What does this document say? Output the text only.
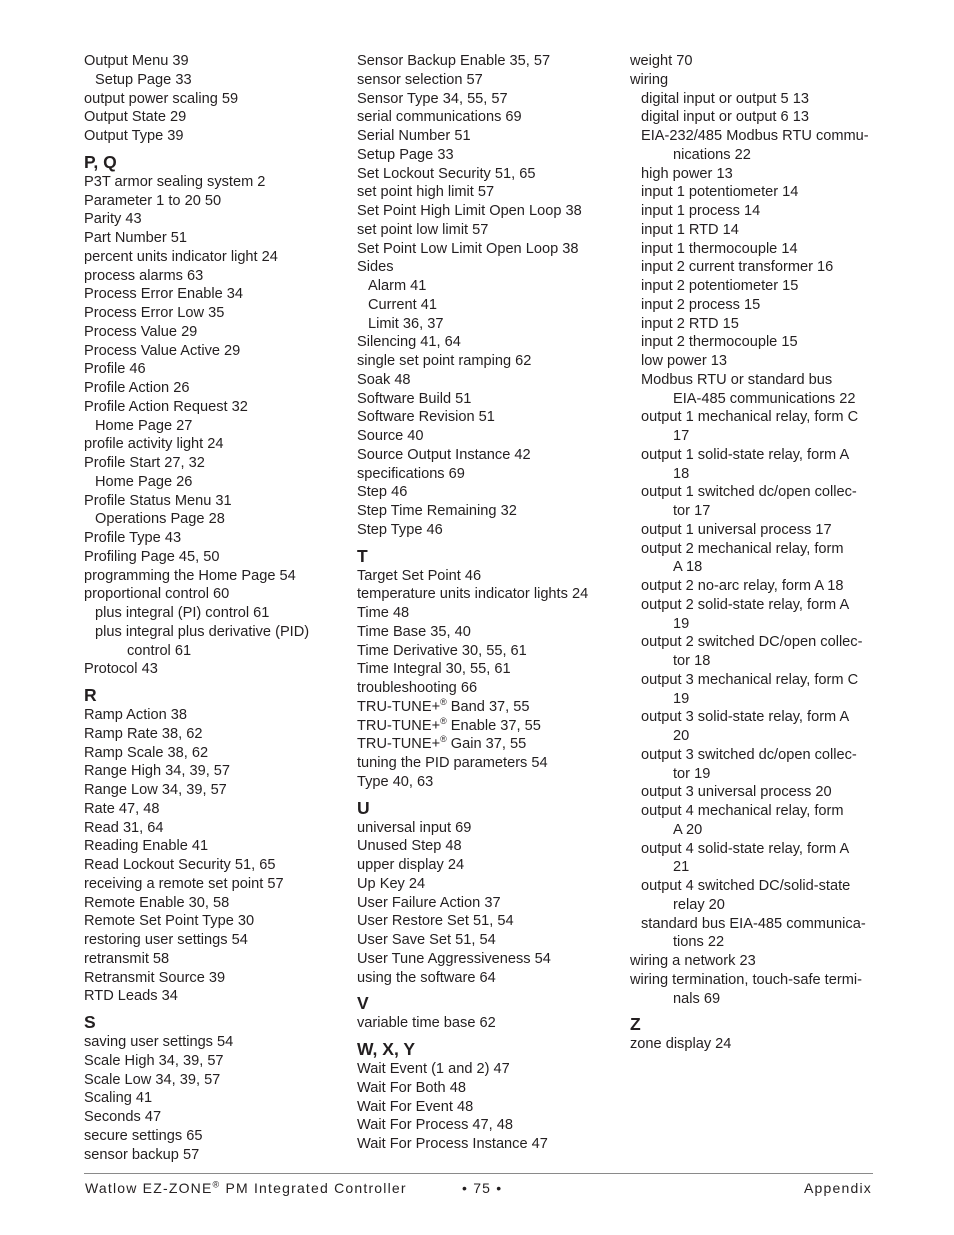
Output Menu 39
Setup Page 33
output power scaling 59
Output State 29
Output Type 39
P, Q
P3T armor sealing system 2
Parameter 1 to 20 50
Parity 43
Part Number 51
percent units indicator light 24
process alarms 63
Process Error Enable 34
Process Error Low 35
Process Value 29
Process Value Active 29
Profile 46
Profile Action 26
Profile Action Request 32
Home Page 27
profile activity light 24
Profile Start 27, 32
Home Page 26
Profile Status Menu 31
Operations Page 28
Profile Type 43
Profiling Page 45, 50
programming the Home Page 54
proportional control 60
plus integral (PI) control 61
plus integral plus derivative (PID)
control 61
Protocol 43
R
Ramp Action 38
Ramp Rate 38, 62
Ramp Scale 38, 62
Range High 34, 39, 57
Range Low 34, 39, 57
Rate 47, 48
Read 31, 64
Reading Enable 41
Read Lockout Security 51, 65
receiving a remote set point 57
Remote Enable 30, 58
Remote Set Point Type 30
restoring user settings 54
retransmit 58
Retransmit Source 39
RTD Leads 34
S
saving user settings 54
Scale High 34, 39, 57
Scale Low 34, 39, 57
Scaling 41
Seconds 47
secure settings 65
sensor backup 57
Sensor Backup Enable 35, 57
sensor selection 57
Sensor Type 34, 55, 57
serial communications 69
Serial Number 51
Setup Page 33
Set Lockout Security 51, 65
set point high limit 57
Set Point High Limit Open Loop 38
set point low limit 57
Set Point Low Limit Open Loop 38
Sides
Alarm 41
Current 41
Limit 36, 37
Silencing 41, 64
single set point ramping 62
Soak 48
Software Build 51
Software Revision 51
Source 40
Source Output Instance 42
specifications 69
Step 46
Step Time Remaining 32
Step Type 46
T
Target Set Point 46
temperature units indicator lights 24
Time 48
Time Base 35, 40
Time Derivative 30, 55, 61
Time Integral 30, 55, 61
troubleshooting 66
TRU-TUNE+® Band 37, 55
TRU-TUNE+® Enable 37, 55
TRU-TUNE+® Gain 37, 55
tuning the PID parameters 54
Type 40, 63
U
universal input 69
Unused Step 48
upper display 24
Up Key 24
User Failure Action 37
User Restore Set 51, 54
User Save Set 51, 54
User Tune Aggressiveness 54
using the software 64
V
variable time base 62
W, X, Y
Wait Event (1 and 2) 47
Wait For Both 48
Wait For Event 48
Wait For Process 47, 48
Wait For Process Instance 47
weight 70
wiring
digital input or output 5 13
digital input or output 6 13
EIA-232/485 Modbus RTU commu-
nications 22
high power 13
input 1 potentiometer 14
input 1 process 14
input 1 RTD 14
input 1 thermocouple 14
input 2 current transformer 16
input 2 potentiometer 15
input 2 process 15
input 2 RTD 15
input 2 thermocouple 15
low power 13
Modbus RTU or standard bus
EIA-485 communications 22
output 1 mechanical relay, form C
17
output 1 solid-state relay, form A
18
output 1 switched dc/open collec-
tor 17
output 1 universal process 17
output 2 mechanical relay, form
A 18
output 2 no-arc relay, form A 18
output 2 solid-state relay, form A
19
output 2 switched DC/open collec-
tor 18
output 3 mechanical relay, form C
19
output 3 solid-state relay, form A
20
output 3 switched dc/open collec-
tor 19
output 3 universal process 20
output 4 mechanical relay, form
A 20
output 4 solid-state relay, form A
21
output 4 switched DC/solid-state
relay 20
standard bus EIA-485 communica-
tions 22
wiring a network 23
wiring termination, touch-safe termi-
nals 69
Z
zone display 24
Watlow EZ-ZONE® PM Integrated Controller	• 75 •	Appendix
